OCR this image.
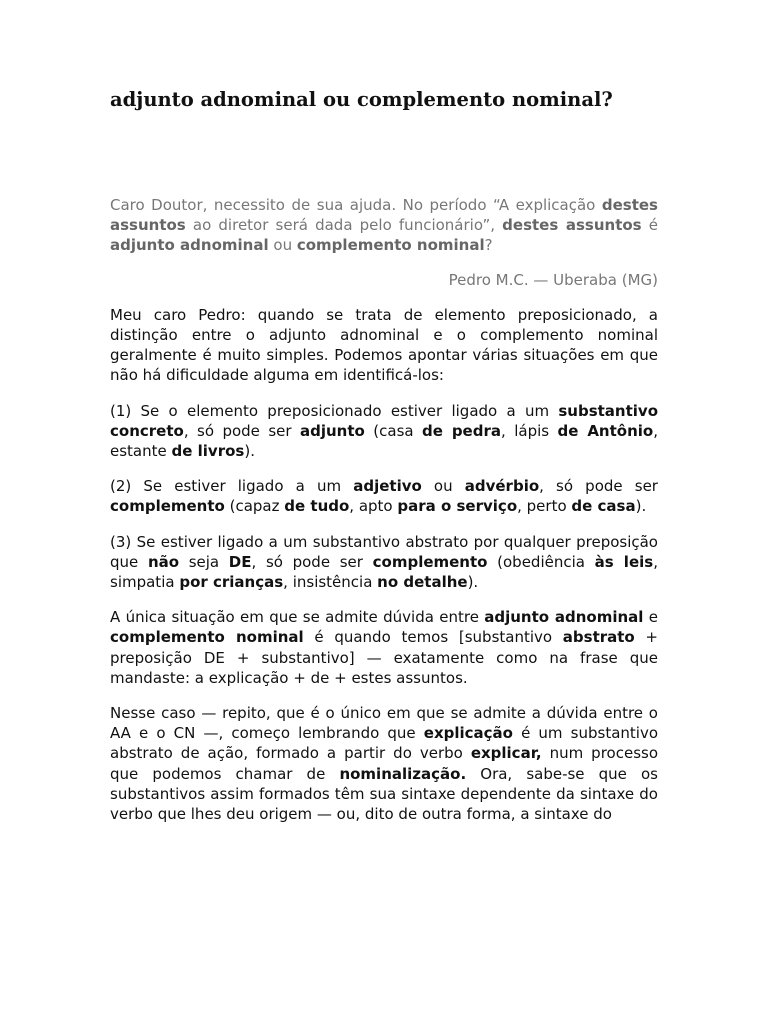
adjunto adnominal ou complemento nominal?

Caro Doutor, necessito de sua ajuda. No período “A explicação destes assuntos ao diretor será dada pelo funcionário”, destes assuntos é adjunto adnominal ou complemento nominal?

Pedro M.C. — Uberaba (MG)

Meu caro Pedro: quando se trata de elemento preposicionado, a distinção entre o adjunto adnominal e o complemento nominal geralmente é muito simples. Podemos apontar várias situações em que não há dificuldade alguma em identificá-los:

(1) Se o elemento preposicionado estiver ligado a um substantivo concreto, só pode ser adjunto (casa de pedra, lápis de Antônio, estante de livros).

(2) Se estiver ligado a um adjetivo ou advérbio, só pode ser complemento (capaz de tudo, apto para o serviço, perto de casa).

(3) Se estiver ligado a um substantivo abstrato por qualquer preposição que não seja DE, só pode ser complemento (obediência às leis, simpatia por crianças, insistência no detalhe).

A única situação em que se admite dúvida entre adjunto adnominal e complemento nominal é quando temos [substantivo abstrato + preposição DE + substantivo] — exatamente como na frase que mandaste: a explicação + de + estes assuntos.

Nesse caso — repito, que é o único em que se admite a dúvida entre o AA e o CN —, começo lembrando que explicação é um substantivo abstrato de ação, formado a partir do verbo explicar, num processo que podemos chamar de nominalização. Ora, sabe-se que os substantivos assim formados têm sua sintaxe dependente da sintaxe do verbo que lhes deu origem — ou, dito de outra forma, a sintaxe do
